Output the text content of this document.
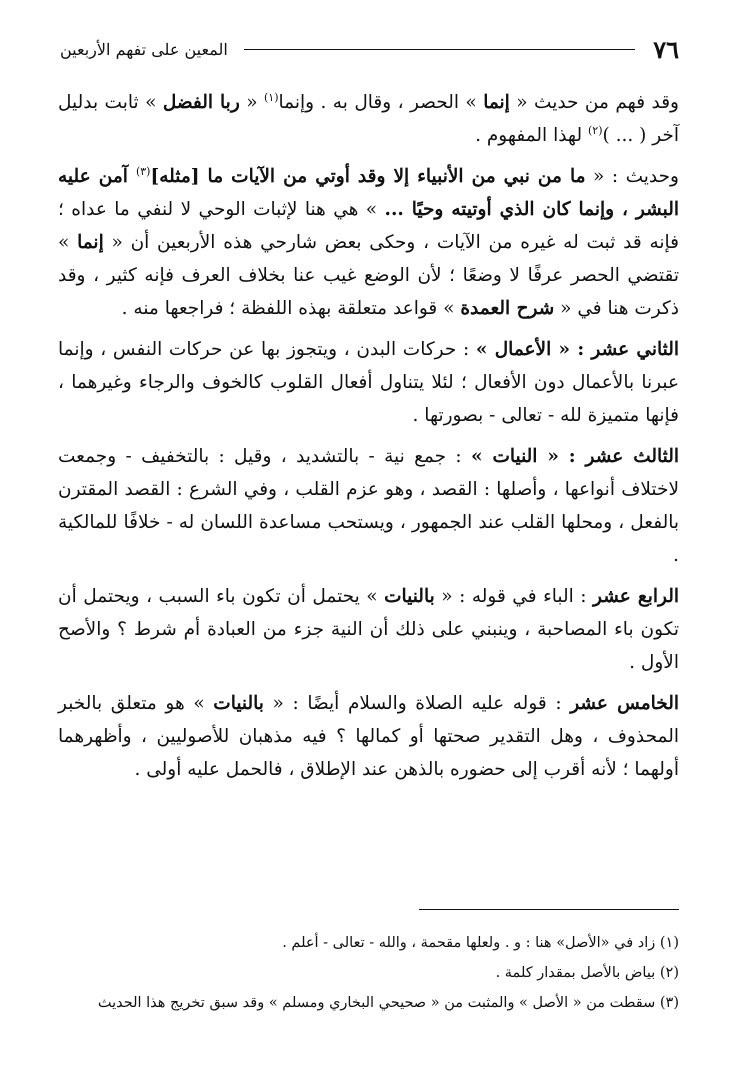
٧٦
المعين على تفهم الأربعين

وقد فهم من حديث « إنما » الحصر ، وقال به . وإنما$^{(١)}$ « ربا الفضل » ثابت بدليل آخر ( ... )$^{(٢)}$ لهذا المفهوم .

وحديث : « ما من نبي من الأنبياء إلا وقد أوتي من الآيات ما [مثله]$^{(٣)}$ آمن عليه البشر ، وإنما كان الذي أوتيته وحيًا ... » هي هنا لإثبات الوحي لا لنفي ما عداه ؛ فإنه قد ثبت له غيره من الآيات ، وحكى بعض شارحي هذه الأربعين أن « إنما » تقتضي الحصر عرفًا لا وضعًا ؛ لأن الوضع غيب عنا بخلاف العرف فإنه كثير ، وقد ذكرت هنا في « شرح العمدة » قواعد متعلقة بهذه اللفظة ؛ فراجعها منه .

الثاني عشر : « الأعمال » : حركات البدن ، ويتجوز بها عن حركات النفس ، وإنما عبرنا بالأعمال دون الأفعال ؛ لئلا يتناول أفعال القلوب كالخوف والرجاء وغيرهما ، فإنها متميزة لله - تعالى - بصورتها .

الثالث عشر : « النيات » : جمع نية - بالتشديد ، وقيل : بالتخفيف - وجمعت لاختلاف أنواعها ، وأصلها : القصد ، وهو عزم القلب ، وفي الشرع : القصد المقترن بالفعل ، ومحلها القلب عند الجمهور ، ويستحب مساعدة اللسان له - خلافًا للمالكية .

الرابع عشر : الباء في قوله : « بالنيات » يحتمل أن تكون باء السبب ، ويحتمل أن تكون باء المصاحبة ، وينبني على ذلك أن النية جزء من العبادة أم شرط ؟ والأصح الأول .

الخامس عشر : قوله عليه الصلاة والسلام أيضًا : « بالنيات » هو متعلق بالخبر المحذوف ، وهل التقدير صحتها أو كمالها ؟ فيه مذهبان للأصوليين ، وأظهرهما أولهما ؛ لأنه أقرب إلى حضوره بالذهن عند الإطلاق ، فالحمل عليه أولى .

(١) زاد في «الأصل» هنا : و . ولعلها مقحمة ، والله - تعالى - أعلم .
(٢) بياض بالأصل بمقدار كلمة .
(٣) سقطت من « الأصل » والمثبت من « صحيحي البخاري ومسلم » وقد سبق تخريج هذا الحديث
